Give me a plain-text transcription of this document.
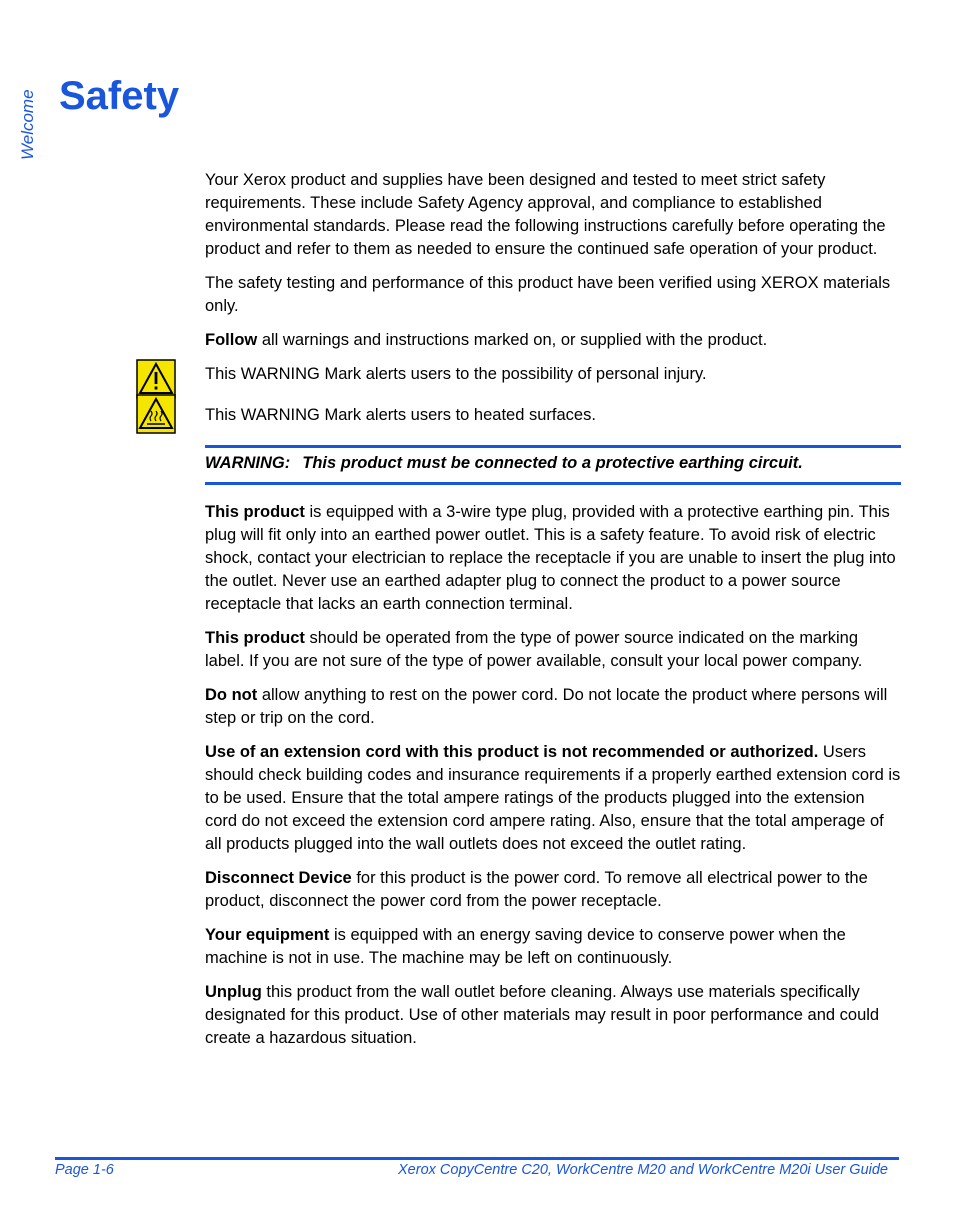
Welcome Safety

Your Xerox product and supplies have been designed and tested to meet strict safety requirements. These include Safety Agency approval, and compliance to established environmental standards. Please read the following instructions carefully before operating the product and refer to them as needed to ensure the continued safe operation of your product.

The safety testing and performance of this product have been verified using XEROX materials only.

Follow all warnings and instructions marked on, or supplied with the product.

This WARNING Mark alerts users to the possibility of personal injury.
This WARNING Mark alerts users to heated surfaces.
WARNING: This product must be connected to a protective earthing circuit.

This product is equipped with a 3-wire type plug, provided with a protective earthing pin. This plug will fit only into an earthed power outlet. This is a safety feature. To avoid risk of electric shock, contact your electrician to replace the receptacle if you are unable to insert the plug into the outlet. Never use an earthed adapter plug to connect the product to a power source receptacle that lacks an earth connection terminal.

This product should be operated from the type of power source indicated on the marking label. If you are not sure of the type of power available, consult your local power company.

Do not allow anything to rest on the power cord. Do not locate the product where persons will step or trip on the cord.

Use of an extension cord with this product is not recommended or authorized. Users should check building codes and insurance requirements if a properly earthed extension cord is to be used. Ensure that the total ampere ratings of the products plugged into the extension cord do not exceed the extension cord ampere rating. Also, ensure that the total amperage of all products plugged into the wall outlets does not exceed the outlet rating.

Disconnect Device for this product is the power cord. To remove all electrical power to the product, disconnect the power cord from the power receptacle.

Your equipment is equipped with an energy saving device to conserve power when the machine is not in use. The machine may be left on continuously.

Unplug this product from the wall outlet before cleaning. Always use materials specifically designated for this product. Use of other materials may result in poor performance and could create a hazardous situation.

Page 1-6	Xerox CopyCentre C20, WorkCentre M20 and WorkCentre M20i User Guide
